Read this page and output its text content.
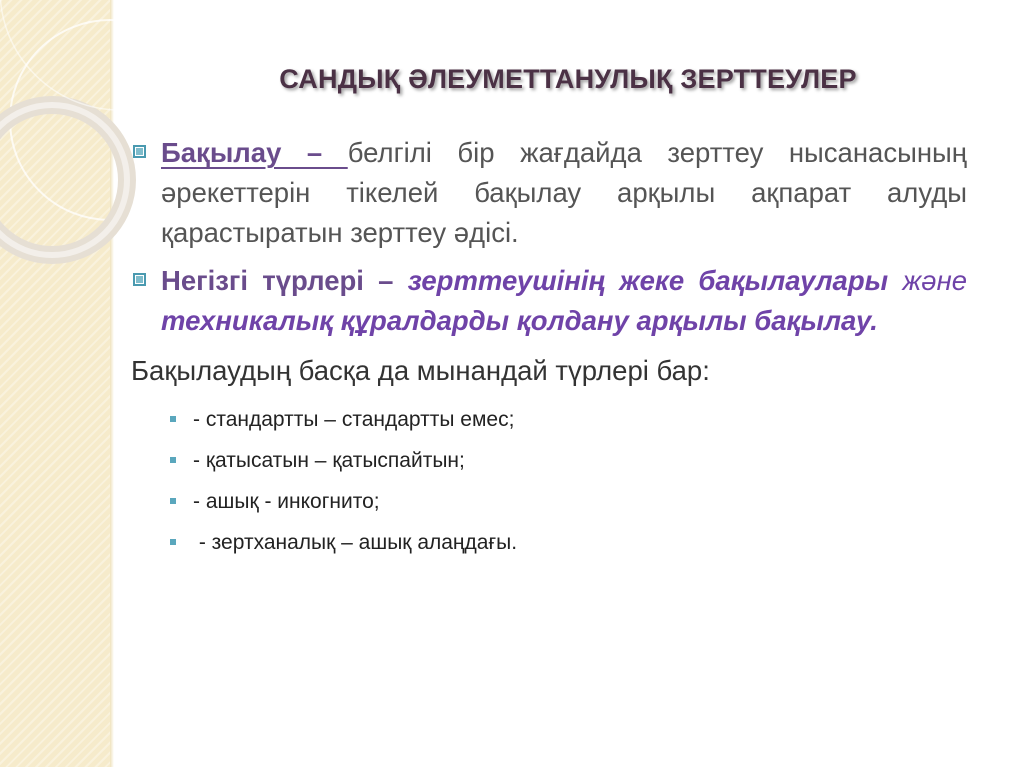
САНДЫҚ ӘЛЕУМЕТТАНУЛЫҚ ЗЕРТТЕУЛЕР
Бақылау – белгілі бір жағдайда зерттеу нысанасының әрекеттерін тікелей бақылау арқылы ақпарат алуды қарастыратын зерттеу әдісі.
Негізгі түрлері – зерттеушінің жеке бақылаулары және техникалық құралдарды қолдану арқылы бақылау.
Бақылаудың басқа да мынандай түрлері бар:
- стандартты – стандартты емес;
- қатысатын – қатыспайтын;
- ашық - инкогнито;
- зертханалық – ашық алаңдағы.
